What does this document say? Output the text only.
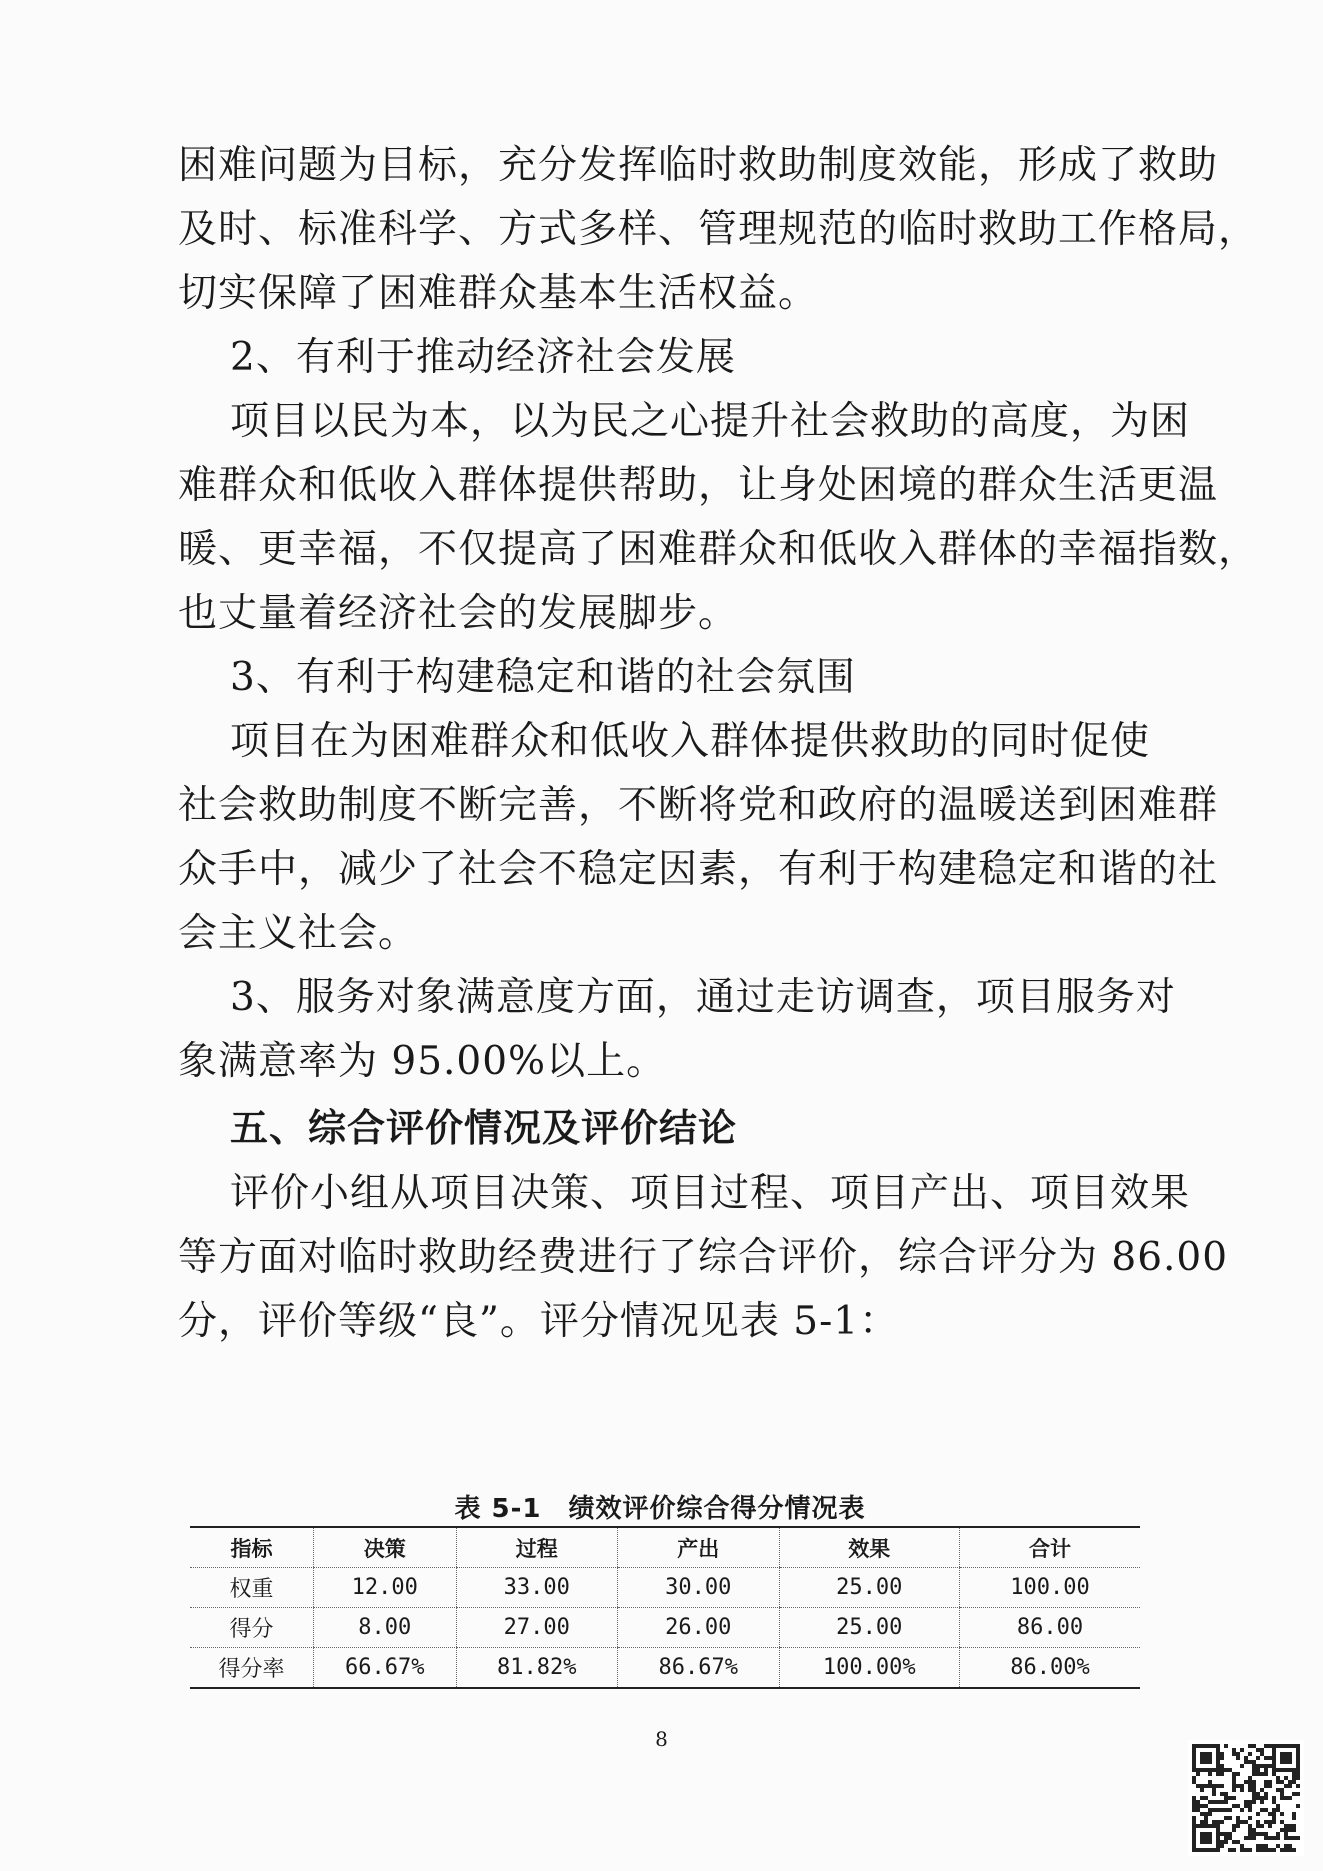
困难问题为目标，充分发挥临时救助制度效能，形成了救助
及时、标准科学、方式多样、管理规范的临时救助工作格局，
切实保障了困难群众基本生活权益。
2、有利于推动经济社会发展
项目以民为本，以为民之心提升社会救助的高度，为困
难群众和低收入群体提供帮助，让身处困境的群众生活更温
暖、更幸福，不仅提高了困难群众和低收入群体的幸福指数，
也丈量着经济社会的发展脚步。
3、有利于构建稳定和谐的社会氛围
项目在为困难群众和低收入群体提供救助的同时促使
社会救助制度不断完善，不断将党和政府的温暖送到困难群
众手中，减少了社会不稳定因素，有利于构建稳定和谐的社
会主义社会。
3、服务对象满意度方面，通过走访调查，项目服务对
象满意率为 95.00%以上。
五、综合评价情况及评价结论
评价小组从项目决策、项目过程、项目产出、项目效果
等方面对临时救助经费进行了综合评价，综合评分为 86.00
分，评价等级“良”。评分情况见表 5-1：
表 5-1　绩效评价综合得分情况表
指标	决策	过程	产出	效果	合计
权重	12.00	33.00	30.00	25.00	100.00
得分	8.00	27.00	26.00	25.00	86.00
得分率	66.67%	81.82%	86.67%	100.00%	86.00%
8
